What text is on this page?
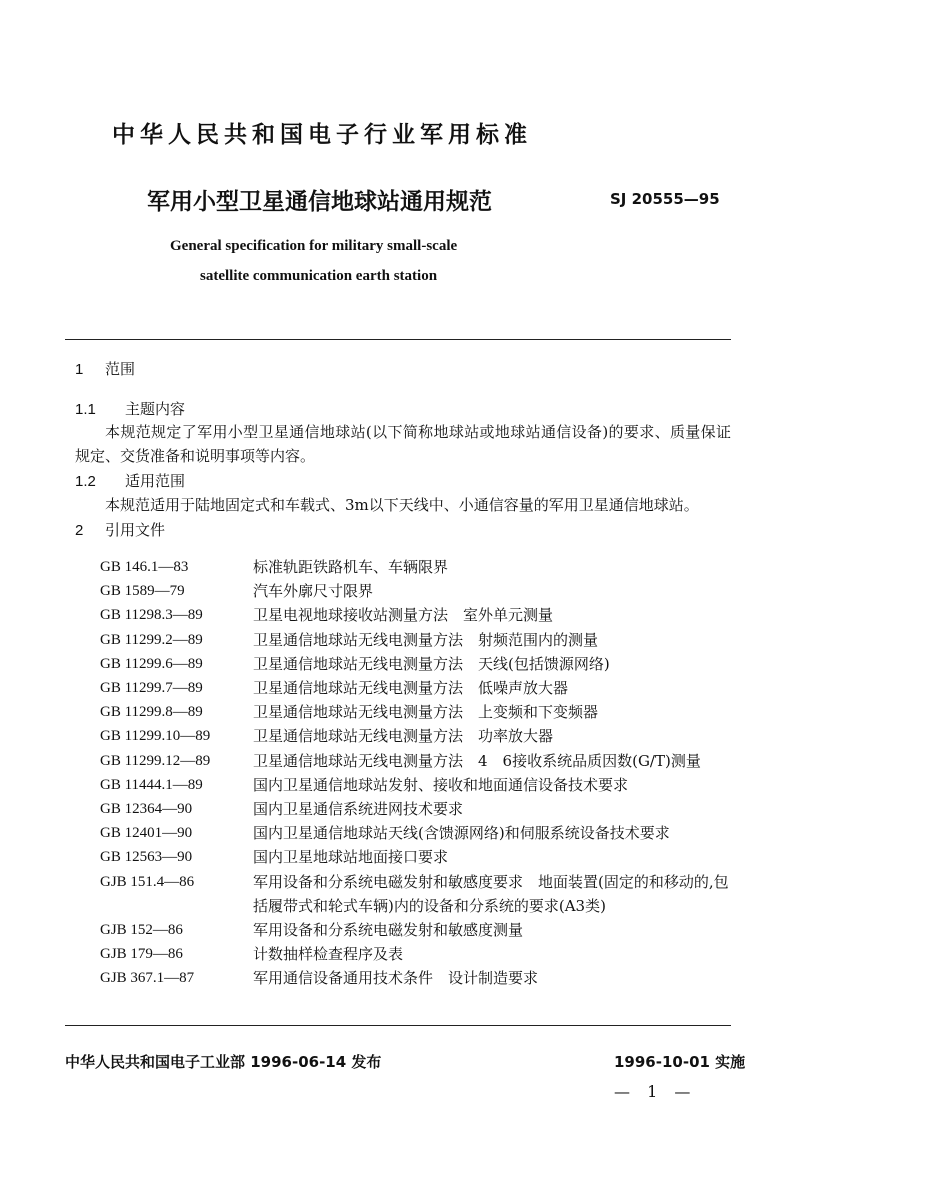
中华人民共和国电子行业军用标准
军用小型卫星通信地球站通用规范	SJ 20555—95
General specification for military small-scale
satellite communication earth station
1 范围
1.1 主题内容
本规范规定了军用小型卫星通信地球站(以下简称地球站或地球站通信设备)的要求、质量保证规定、交货准备和说明事项等内容。
1.2 适用范围
本规范适用于陆地固定式和车载式、3m以下天线中、小通信容量的军用卫星通信地球站。
2 引用文件
GB 146.1—83	标准轨距铁路机车、车辆限界
GB 1589—79	汽车外廓尺寸限界
GB 11298.3—89	卫星电视地球接收站测量方法　室外单元测量
GB 11299.2—89	卫星通信地球站无线电测量方法　射频范围内的测量
GB 11299.6—89	卫星通信地球站无线电测量方法　天线(包括馈源网络)
GB 11299.7—89	卫星通信地球站无线电测量方法　低噪声放大器
GB 11299.8—89	卫星通信地球站无线电测量方法　上变频和下变频器
GB 11299.10—89	卫星通信地球站无线电测量方法　功率放大器
GB 11299.12—89	卫星通信地球站无线电测量方法　4　6接收系统品质因数(G/T)测量
GB 11444.1—89	国内卫星通信地球站发射、接收和地面通信设备技术要求
GB 12364—90	国内卫星通信系统进网技术要求
GB 12401—90	国内卫星通信地球站天线(含馈源网络)和伺服系统设备技术要求
GB 12563—90	国内卫星地球站地面接口要求
GJB 151.4—86	军用设备和分系统电磁发射和敏感度要求　地面装置(固定的和移动的,包括履带式和轮式车辆)内的设备和分系统的要求(A3类)
GJB 152—86	军用设备和分系统电磁发射和敏感度测量
GJB 179—86	计数抽样检查程序及表
GJB 367.1—87	军用通信设备通用技术条件　设计制造要求
中华人民共和国电子工业部 1996-06-14 发布	1996-10-01 实施
— 1 —
